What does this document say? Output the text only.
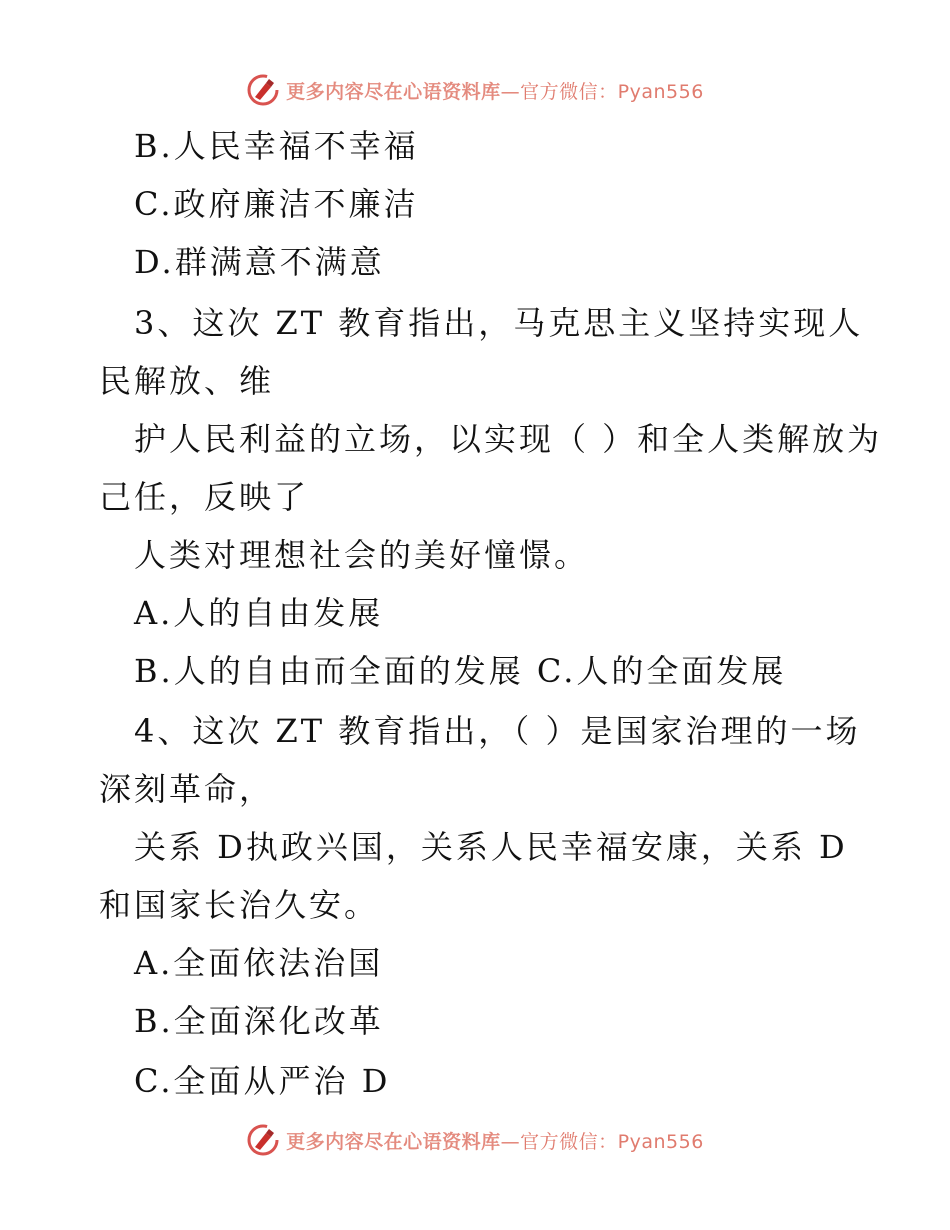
更多内容尽在心语资料库—官方微信：Pyan556
B.人民幸福不幸福
C.政府廉洁不廉洁
D.群满意不满意
3、这次 ZT 教育指出，马克思主义坚持实现人
民解放、维
护人民利益的立场，以实现（ ）和全人类解放为
己任，反映了
人类对理想社会的美好憧憬。
A.人的自由发展
B.人的自由而全面的发展 C.人的全面发展
4、这次 ZT 教育指出，（ ）是国家治理的一场
深刻革命，
关系 D执政兴国，关系人民幸福安康，关系 D
和国家长治久安。
A.全面依法治国
B.全面深化改革
C.全面从严治 D
更多内容尽在心语资料库—官方微信：Pyan556
